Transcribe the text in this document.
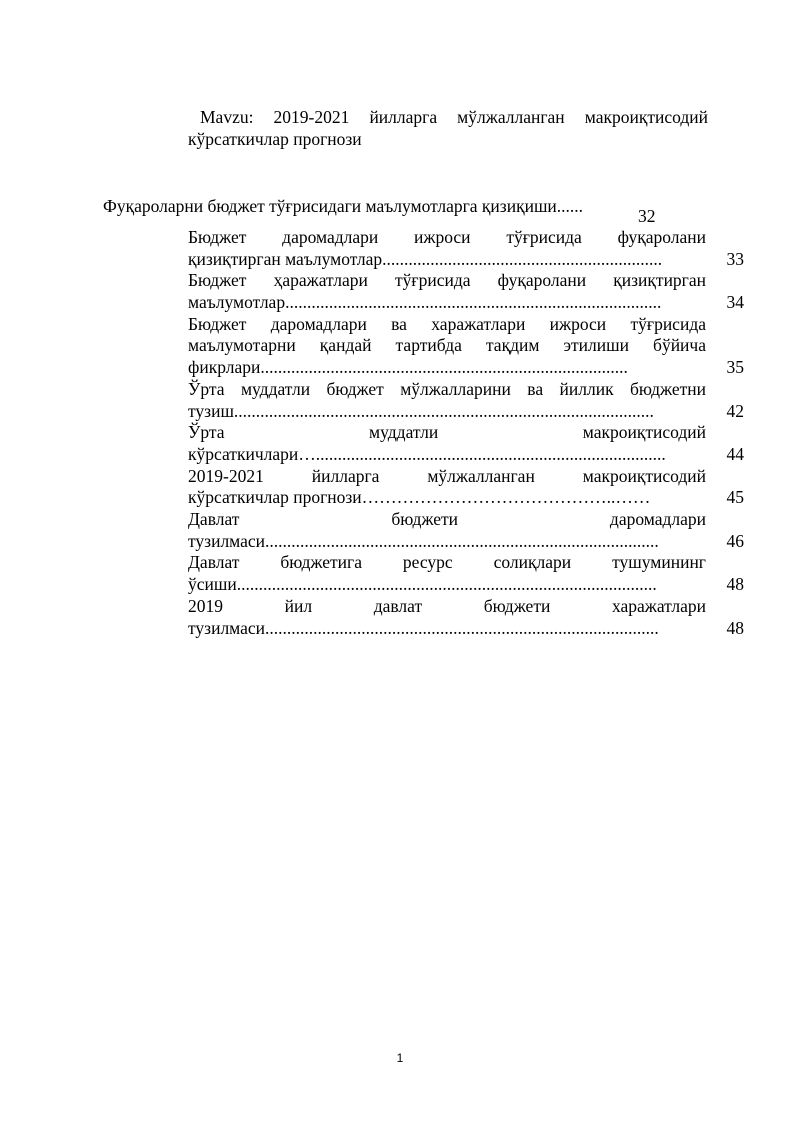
Mavzu: 2019-2021 йилларга мўлжалланган макроиқтисодий кўрсаткичлар прогнози
Фуқароларни бюджет тўғрисидаги маълумотларга қизиқиши......	32
Бюджет даромадлари ижроси тўғрисида фуқаролани
қизиқтирган маълумотлар................................................................	33
Бюджет ҳаражатлари тўғрисида фуқаролани қизиқтирган
маълумотлар......................................................................................	34
Бюджет даромадлари ва харажатлари ижроси тўғрисида
маълумотарни қандай тартибда тақдим этилиши бўйича
фикрлари....................................................................................	35
Ўрта муддатли бюджет мўлжалларини ва йиллик бюджетни
тузиш................................................................................................	42
Ўрта муддатли макроиқтисодий
кўрсаткичлари…................................................................................	44
2019-2021 йилларга мўлжалланган макроиқтисодий
кўрсаткичлар прогнози……………………………………..……	45
Давлат бюджети даромадлари
тузилмаси..........................................................................................	46
Давлат бюджетига ресурс солиқлари тушумининг
ўсиши................................................................................................	48
2019 йил давлат бюджети харажатлари
тузилмаси..........................................................................................	48
1
